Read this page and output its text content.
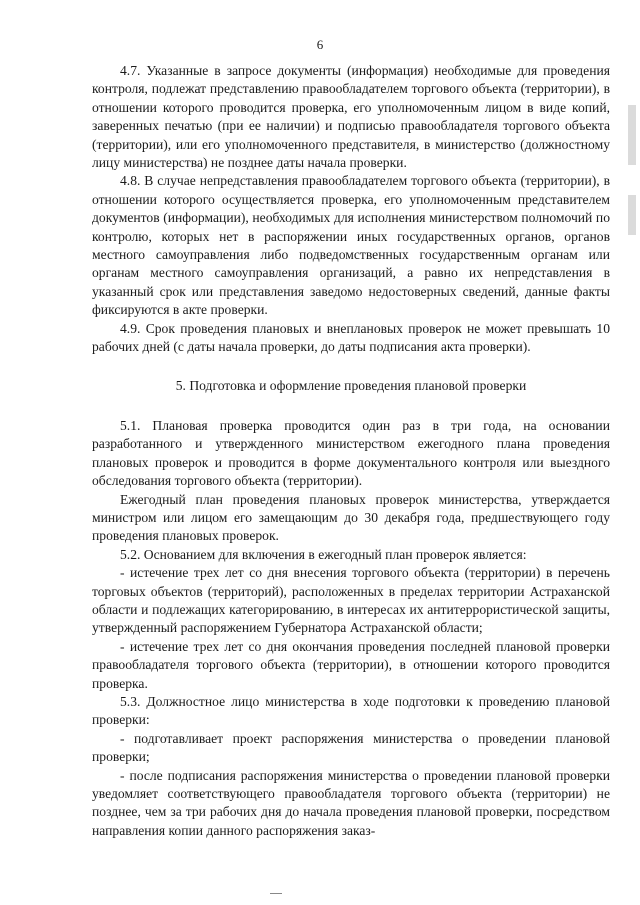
6

4.7. Указанные в запросе документы (информация) необходимые для проведения контроля, подлежат представлению правообладателем торгового объекта (территории), в отношении которого проводится проверка, его уполномоченным лицом в виде копий, заверенных печатью (при ее наличии) и подписью правообладателя торгового объекта (территории), или его уполномоченного представителя, в министерство (должностному лицу министерства) не позднее даты начала проверки.

4.8. В случае непредставления правообладателем торгового объекта (территории), в отношении которого осуществляется проверка, его уполномоченным представителем документов (информации), необходимых для исполнения министерством полномочий по контролю, которых нет в распоряжении иных государственных органов, органов местного самоуправления либо подведомственных государственным органам или органам местного самоуправления организаций, а равно их непредставления в указанный срок или представления заведомо недостоверных сведений, данные факты фиксируются в акте проверки.

4.9. Срок проведения плановых и внеплановых проверок не может превышать 10 рабочих дней (с даты начала проверки, до даты подписания акта проверки).

5. Подготовка и оформление проведения плановой проверки

5.1. Плановая проверка проводится один раз в три года, на основании разработанного и утвержденного министерством ежегодного плана проведения плановых проверок и проводится в форме документального контроля или выездного обследования торгового объекта (территории).

Ежегодный план проведения плановых проверок министерства, утверждается министром или лицом его замещающим до 30 декабря года, предшествующего году проведения плановых проверок.

5.2. Основанием для включения в ежегодный план проверок является:

- истечение трех лет со дня внесения торгового объекта (территории) в перечень торговых объектов (территорий), расположенных в пределах территории Астраханской области и подлежащих категорированию, в интересах их антитеррористической защиты, утвержденный распоряжением Губернатора Астраханской области;

- истечение трех лет со дня окончания проведения последней плановой проверки правообладателя торгового объекта (территории), в отношении которого проводится проверка.

5.3. Должностное лицо министерства в ходе подготовки к проведению плановой проверки:

- подготавливает проект распоряжения министерства о проведении плановой проверки;

- после подписания распоряжения министерства о проведении плановой проверки уведомляет соответствующего правообладателя торгового объекта (территории) не позднее, чем за три рабочих дня до начала проведения плановой проверки, посредством направления копии данного распоряжения заказ-
